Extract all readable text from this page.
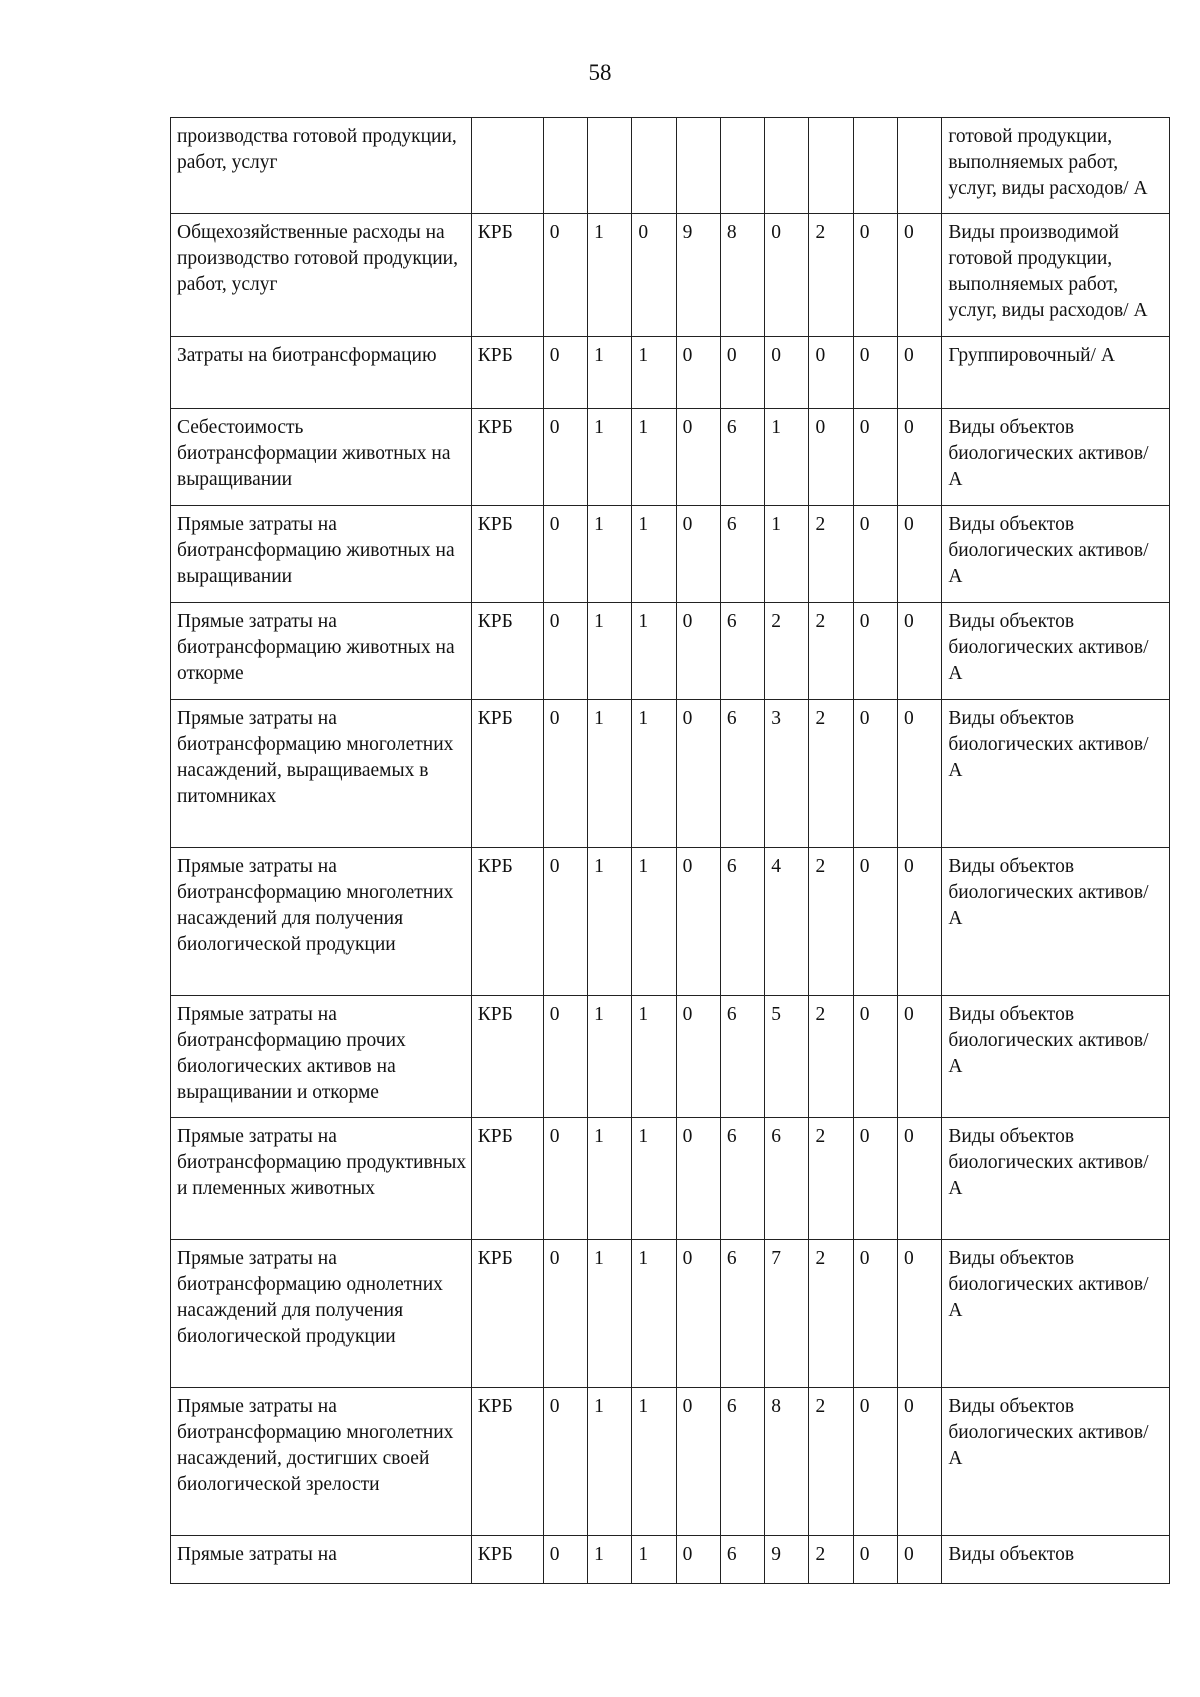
58
производства готовой продукции, работ, услуг											готовой продукции, выполняемых работ, услуг, виды расходов/ А
Общехозяйственные расходы на производство готовой продукции, работ, услуг	КРБ	0	1	0	9	8	0	2	0	0	Виды производимой готовой продукции, выполняемых работ, услуг, виды расходов/ А
Затраты на биотрансформацию	КРБ	0	1	1	0	0	0	0	0	0	Группировочный/ А
Себестоимость биотрансформации животных на выращивании	КРБ	0	1	1	0	6	1	0	0	0	Виды объектов биологических активов/ А
Прямые затраты на биотрансформацию животных на выращивании	КРБ	0	1	1	0	6	1	2	0	0	Виды объектов биологических активов/ А
Прямые затраты на биотрансформацию животных на откорме	КРБ	0	1	1	0	6	2	2	0	0	Виды объектов биологических активов/ А
Прямые затраты на биотрансформацию многолетних насаждений, выращиваемых в питомниках	КРБ	0	1	1	0	6	3	2	0	0	Виды объектов биологических активов/ А
Прямые затраты на биотрансформацию многолетних насаждений для получения биологической продукции	КРБ	0	1	1	0	6	4	2	0	0	Виды объектов биологических активов/ А
Прямые затраты на биотрансформацию прочих биологических активов на выращивании и откорме	КРБ	0	1	1	0	6	5	2	0	0	Виды объектов биологических активов/ А
Прямые затраты на биотрансформацию продуктивных и племенных животных	КРБ	0	1	1	0	6	6	2	0	0	Виды объектов биологических активов/ А
Прямые затраты на биотрансформацию однолетних насаждений для получения биологической продукции	КРБ	0	1	1	0	6	7	2	0	0	Виды объектов биологических активов/ А
Прямые затраты на биотрансформацию многолетних насаждений, достигших своей биологической зрелости	КРБ	0	1	1	0	6	8	2	0	0	Виды объектов биологических активов/ А
Прямые затраты на	КРБ	0	1	1	0	6	9	2	0	0	Виды объектов
